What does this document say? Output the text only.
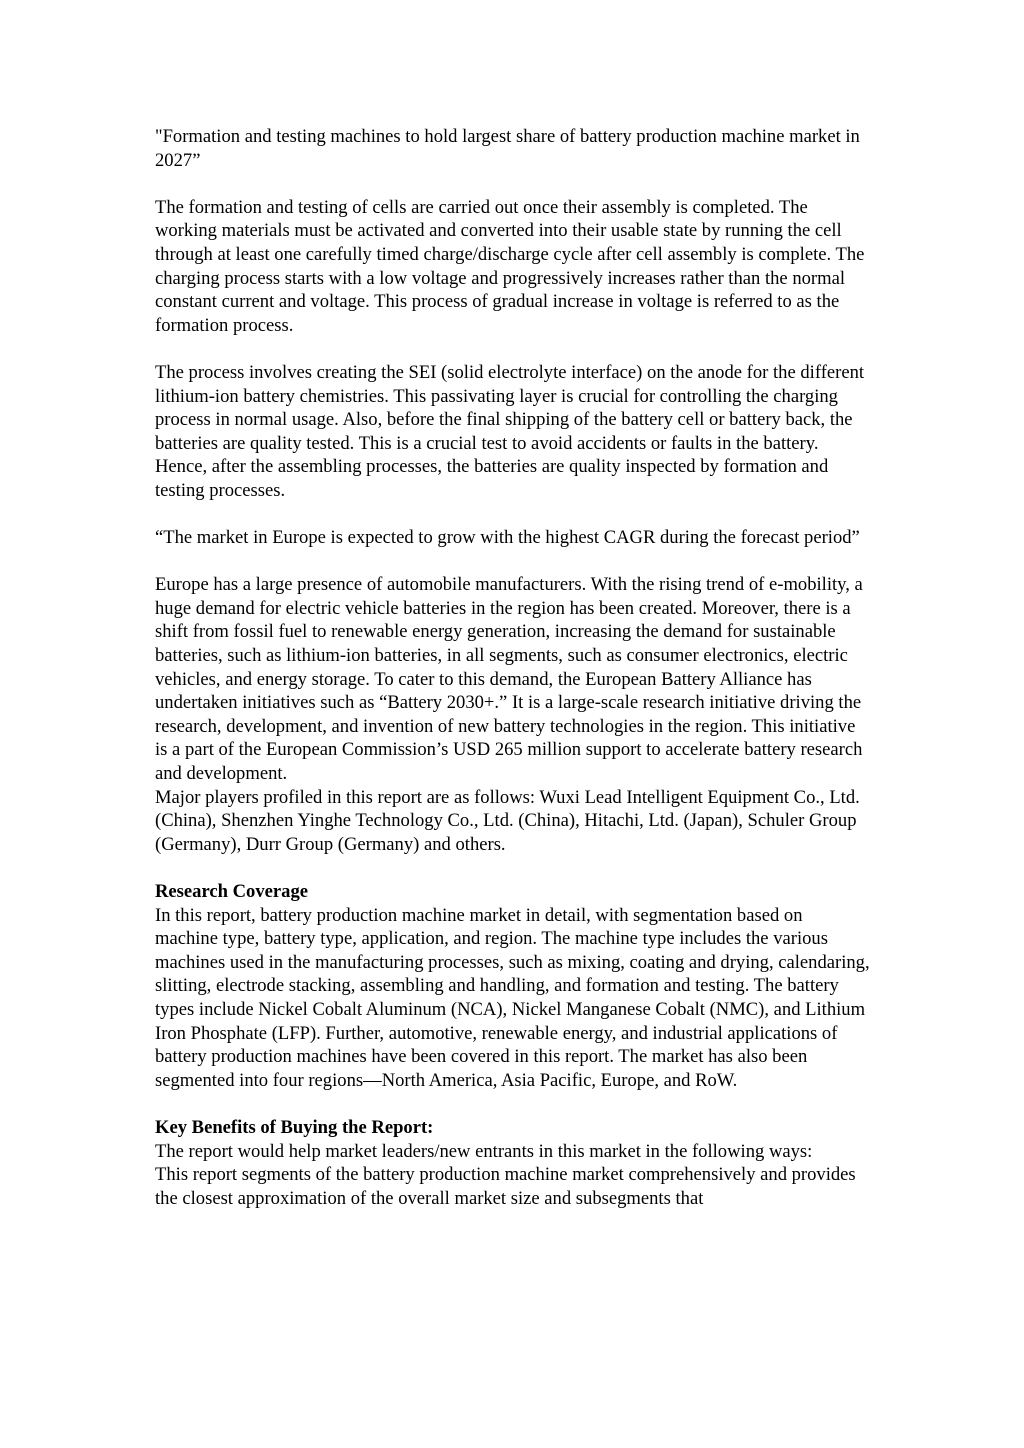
"Formation and testing machines to hold largest share of battery production machine market in 2027”

The formation and testing of cells are carried out once their assembly is completed. The working materials must be activated and converted into their usable state by running the cell through at least one carefully timed charge/discharge cycle after cell assembly is complete. The charging process starts with a low voltage and progressively increases rather than the normal constant current and voltage. This process of gradual increase in voltage is referred to as the formation process.

The process involves creating the SEI (solid electrolyte interface) on the anode for the different lithium-ion battery chemistries. This passivating layer is crucial for controlling the charging process in normal usage. Also, before the final shipping of the battery cell or battery back, the batteries are quality tested. This is a crucial test to avoid accidents or faults in the battery. Hence, after the assembling processes, the batteries are quality inspected by formation and testing processes.

“The market in Europe is expected to grow with the highest CAGR during the forecast period”

Europe has a large presence of automobile manufacturers. With the rising trend of e-mobility, a huge demand for electric vehicle batteries in the region has been created. Moreover, there is a shift from fossil fuel to renewable energy generation, increasing the demand for sustainable batteries, such as lithium-ion batteries, in all segments, such as consumer electronics, electric vehicles, and energy storage. To cater to this demand, the European Battery Alliance has undertaken initiatives such as “Battery 2030+.” It is a large-scale research initiative driving the research, development, and invention of new battery technologies in the region. This initiative is a part of the European Commission’s USD 265 million support to accelerate battery research and development.

Major players profiled in this report are as follows: Wuxi Lead Intelligent Equipment Co., Ltd. (China), Shenzhen Yinghe Technology Co., Ltd. (China), Hitachi, Ltd. (Japan), Schuler Group (Germany), Durr Group (Germany) and others.

Research Coverage

In this report, battery production machine market in detail, with segmentation based on machine type, battery type, application, and region. The machine type includes the various machines used in the manufacturing processes, such as mixing, coating and drying, calendaring, slitting, electrode stacking, assembling and handling, and formation and testing. The battery types include Nickel Cobalt Aluminum (NCA), Nickel Manganese Cobalt (NMC), and Lithium Iron Phosphate (LFP). Further, automotive, renewable energy, and industrial applications of battery production machines have been covered in this report. The market has also been segmented into four regions—North America, Asia Pacific, Europe, and RoW.

Key Benefits of Buying the Report:

The report would help market leaders/new entrants in this market in the following ways:

This report segments of the battery production machine market comprehensively and provides the closest approximation of the overall market size and subsegments that
